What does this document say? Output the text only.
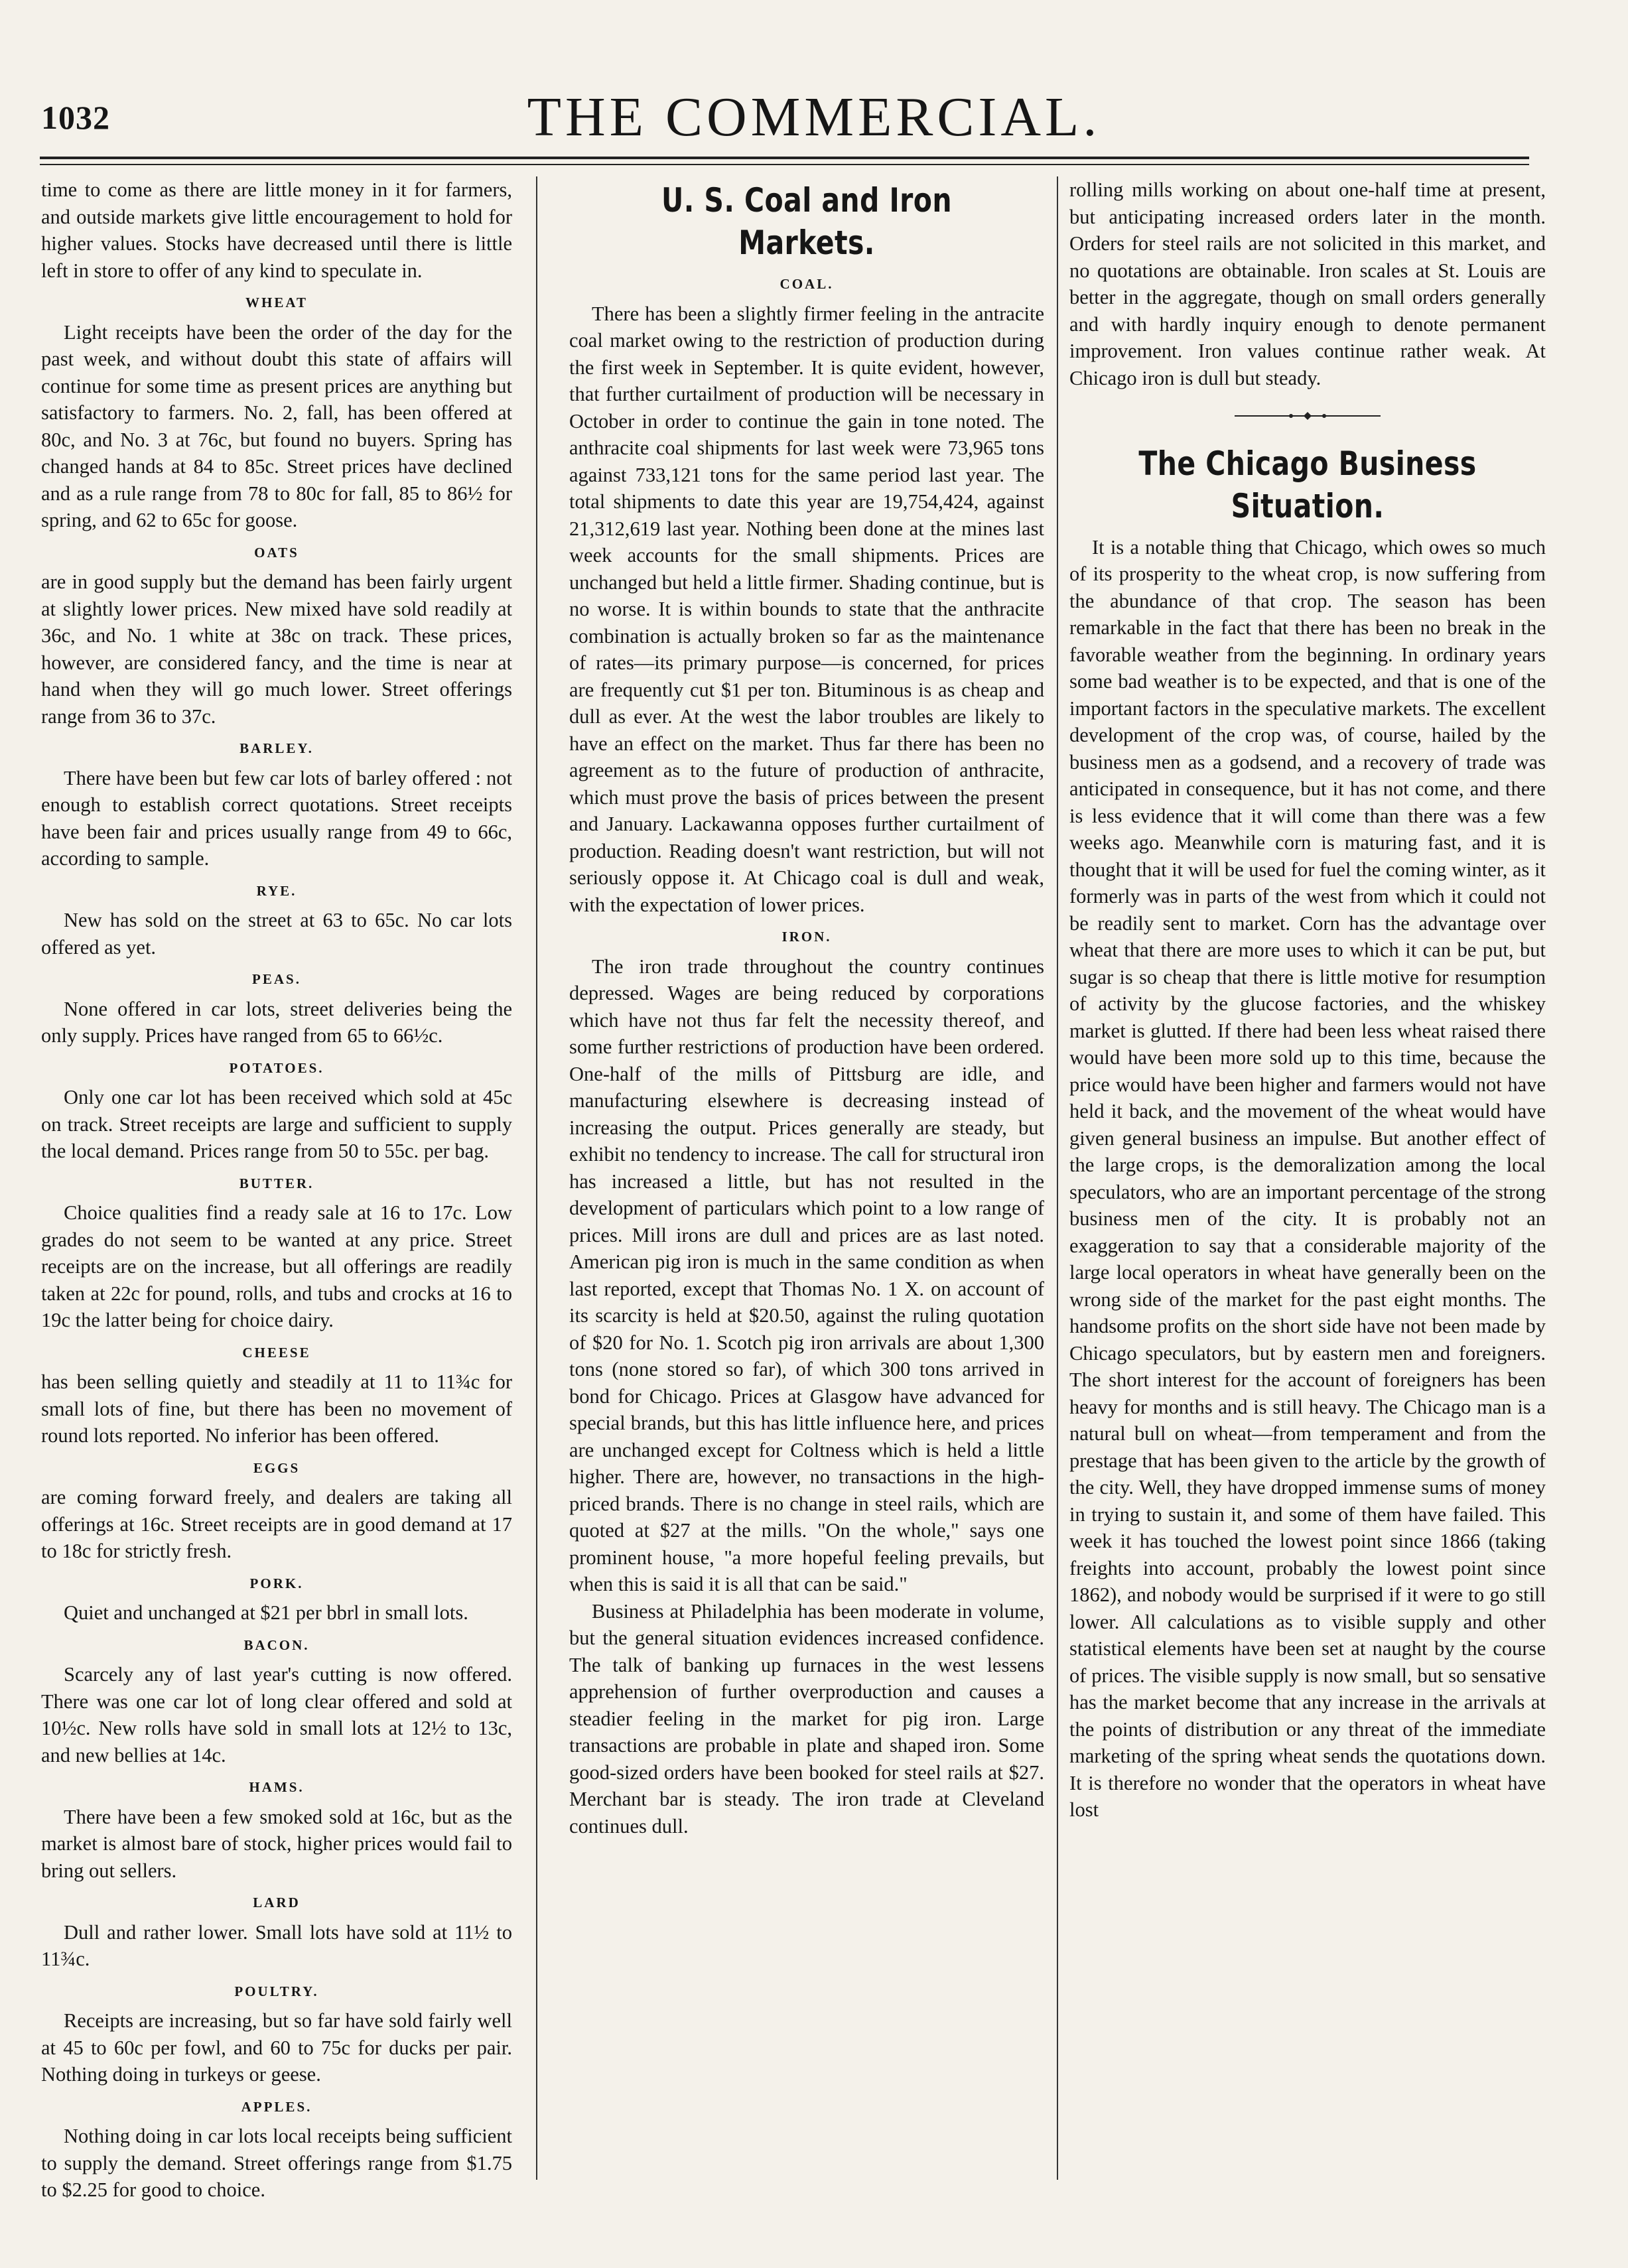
1032	THE COMMERCIAL.

time to come as there are little money in it for farmers, and outside markets give little encouragement to hold for higher values. Stocks have decreased until there is little left in store to offer of any kind to speculate in.

WHEAT

Light receipts have been the order of the day for the past week, and without doubt this state of affairs will continue for some time as present prices are anything but satisfactory to farmers. No. 2, fall, has been offered at 80c, and No. 3 at 76c, but found no buyers. Spring has changed hands at 84 to 85c. Street prices have declined and as a rule range from 78 to 80c for fall, 85 to 86½ for spring, and 62 to 65c for goose.

OATS

are in good supply but the demand has been fairly urgent at slightly lower prices. New mixed have sold readily at 36c, and No. 1 white at 38c on track. These prices, however, are considered fancy, and the time is near at hand when they will go much lower. Street offerings range from 36 to 37c.

BARLEY.

There have been but few car lots of barley offered : not enough to establish correct quotations. Street receipts have been fair and prices usually range from 49 to 66c, according to sample.

RYE.

New has sold on the street at 63 to 65c. No car lots offered as yet.

PEAS.

None offered in car lots, street deliveries being the only supply. Prices have ranged from 65 to 66½c.

POTATOES.

Only one car lot has been received which sold at 45c on track. Street receipts are large and sufficient to supply the local demand. Prices range from 50 to 55c. per bag.

BUTTER.

Choice qualities find a ready sale at 16 to 17c. Low grades do not seem to be wanted at any price. Street receipts are on the increase, but all offerings are readily taken at 22c for pound, rolls, and tubs and crocks at 16 to 19c the latter being for choice dairy.

CHEESE

has been selling quietly and steadily at 11 to 11¾c for small lots of fine, but there has been no movement of round lots reported. No inferior has been offered.

EGGS

are coming forward freely, and dealers are taking all offerings at 16c. Street receipts are in good demand at 17 to 18c for strictly fresh.

PORK.

Quiet and unchanged at $21 per bbrl in small lots.

BACON.

Scarcely any of last year's cutting is now offered. There was one car lot of long clear offered and sold at 10½c. New rolls have sold in small lots at 12½ to 13c, and new bellies at 14c.

HAMS.

There have been a few smoked sold at 16c, but as the market is almost bare of stock, higher prices would fail to bring out sellers.

LARD

Dull and rather lower. Small lots have sold at 11½ to 11¾c.

POULTRY.

Receipts are increasing, but so far have sold fairly well at 45 to 60c per fowl, and 60 to 75c for ducks per pair. Nothing doing in turkeys or geese.

APPLES.

Nothing doing in car lots local receipts being sufficient to supply the demand. Street offerings range from $1.75 to $2.25 for good to choice.

U. S. Coal and Iron Markets.
COAL.

There has been a slightly firmer feeling in the antracite coal market owing to the restriction of production during the first week in September. It is quite evident, however, that further curtailment of production will be necessary in October in order to continue the gain in tone noted. The anthracite coal shipments for last week were 73,965 tons against 733,121 tons for the same period last year. The total shipments to date this year are 19,754,424, against 21,312,619 last year. Nothing been done at the mines last week accounts for the small shipments. Prices are unchanged but held a little firmer. Shading continue, but is no worse. It is within bounds to state that the anthracite combination is actually broken so far as the maintenance of rates—its primary purpose—is concerned, for prices are frequently cut $1 per ton. Bituminous is as cheap and dull as ever. At the west the labor troubles are likely to have an effect on the market. Thus far there has been no agreement as to the future of production of anthracite, which must prove the basis of prices between the present and January. Lackawanna opposes further curtailment of production. Reading doesn't want restriction, but will not seriously oppose it. At Chicago coal is dull and weak, with the expectation of lower prices.

IRON.

The iron trade throughout the country continues depressed. Wages are being reduced by corporations which have not thus far felt the necessity thereof, and some further restrictions of production have been ordered. One-half of the mills of Pittsburg are idle, and manufacturing elsewhere is decreasing instead of increasing the output. Prices generally are steady, but exhibit no tendency to increase. The call for structural iron has increased a little, but has not resulted in the development of particulars which point to a low range of prices. Mill irons are dull and prices are as last noted. American pig iron is much in the same condition as when last reported, except that Thomas No. 1 X. on account of its scarcity is held at $20.50, against the ruling quotation of $20 for No. 1. Scotch pig iron arrivals are about 1,300 tons (none stored so far), of which 300 tons arrived in bond for Chicago. Prices at Glasgow have advanced for special brands, but this has little influence here, and prices are unchanged except for Coltness which is held a little higher. There are, however, no transactions in the high-priced brands. There is no change in steel rails, which are quoted at $27 at the mills. "On the whole," says one prominent house, "a more hopeful feeling prevails, but when this is said it is all that can be said."

Business at Philadelphia has been moderate in volume, but the general situation evidences increased confidence. The talk of banking up furnaces in the west lessens apprehension of further overproduction and causes a steadier feeling in the market for pig iron. Large transactions are probable in plate and shaped iron. Some good-sized orders have been booked for steel rails at $27. Merchant bar is steady. The iron trade at Cleveland continues dull.

rolling mills working on about one-half time at present, but anticipating increased orders later in the month. Orders for steel rails are not solicited in this market, and no quotations are obtainable. Iron scales at St. Louis are better in the aggregate, though on small orders generally and with hardly inquiry enough to denote permanent improvement. Iron values continue rather weak. At Chicago iron is dull but steady.

The Chicago Business Situation.

It is a notable thing that Chicago, which owes so much of its prosperity to the wheat crop, is now suffering from the abundance of that crop. The season has been remarkable in the fact that there has been no break in the favorable weather from the beginning. In ordinary years some bad weather is to be expected, and that is one of the important factors in the speculative markets. The excellent development of the crop was, of course, hailed by the business men as a godsend, and a recovery of trade was anticipated in consequence, but it has not come, and there is less evidence that it will come than there was a few weeks ago. Meanwhile corn is maturing fast, and it is thought that it will be used for fuel the coming winter, as it formerly was in parts of the west from which it could not be readily sent to market. Corn has the advantage over wheat that there are more uses to which it can be put, but sugar is so cheap that there is little motive for resumption of activity by the glucose factories, and the whiskey market is glutted. If there had been less wheat raised there would have been more sold up to this time, because the price would have been higher and farmers would not have held it back, and the movement of the wheat would have given general business an impulse. But another effect of the large crops, is the demoralization among the local speculators, who are an important percentage of the strong business men of the city. It is probably not an exaggeration to say that a considerable majority of the large local operators in wheat have generally been on the wrong side of the market for the past eight months. The handsome profits on the short side have not been made by Chicago speculators, but by eastern men and foreigners. The short interest for the account of foreigners has been heavy for months and is still heavy. The Chicago man is a natural bull on wheat—from temperament and from the prestage that has been given to the article by the growth of the city. Well, they have dropped immense sums of money in trying to sustain it, and some of them have failed. This week it has touched the lowest point since 1866 (taking freights into account, probably the lowest point since 1862), and nobody would be surprised if it were to go still lower. All calculations as to visible supply and other statistical elements have been set at naught by the course of prices. The visible supply is now small, but so sensative has the market become that any increase in the arrivals at the points of distribution or any threat of the immediate marketing of the spring wheat sends the quotations down. It is therefore no wonder that the operators in wheat have lost
